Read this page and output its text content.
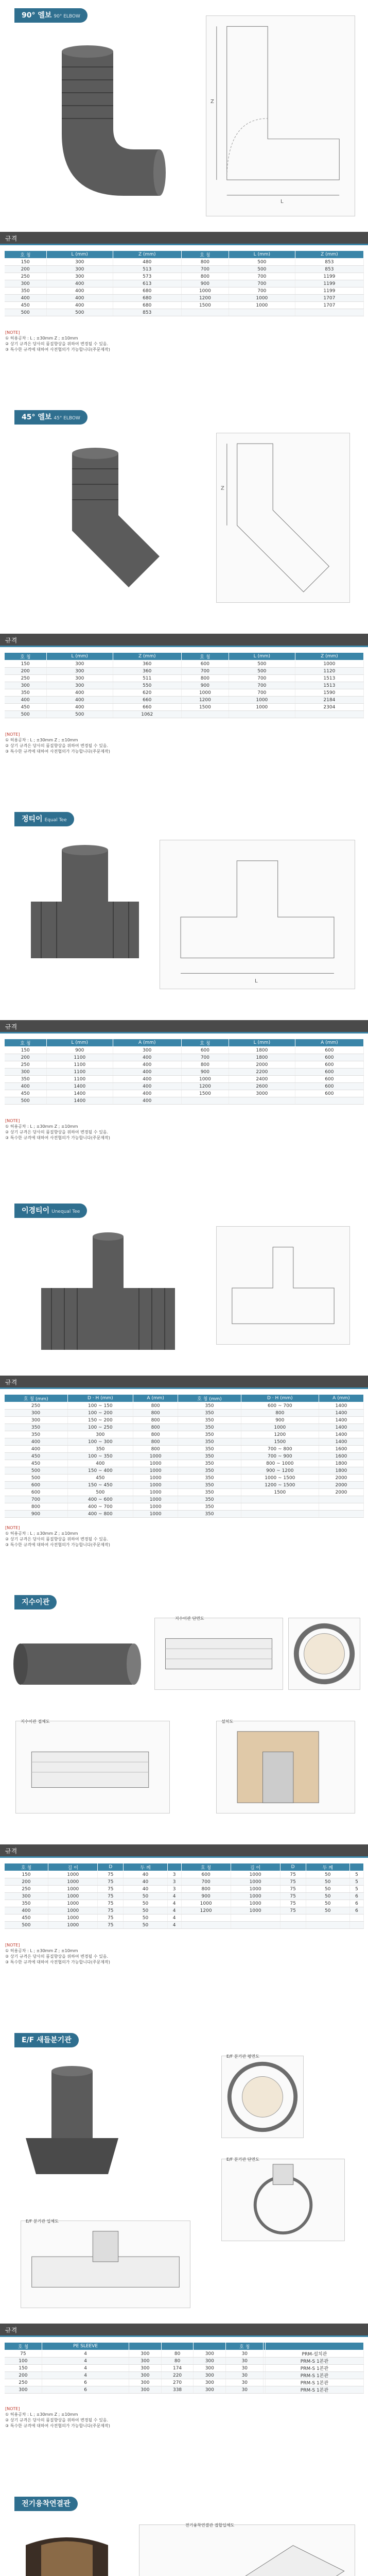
90° 엘보 90° ELBOW
Z
L
규격
호 칭	L (mm)	Z (mm)	호 칭	L (mm)	Z (mm)
150	300	480	800	500	853
200	300	513	700	500	853
250	300	573	800	700	1199
300	400	613	900	700	1199
350	400	680	1000	700	1199
400	400	680	1200	1000	1707
450	400	680	1500	1000	1707
500	500	853			
[NOTE]
① 허용공차 : L ; ±30mm Z ; ±10mm
② 상기 규격은 당사의 품질향상을 위하여 변경될 수 있음.
③ 특수한 규격에 대하여 사전협의가 가능합니다(주문제작)
45° 엘보 45° ELBOW
Z
규격
호 칭	L (mm)	Z (mm)	호 칭	L (mm)	Z (mm)
150	300	360	600	500	1000
200	300	360	700	500	1120
250	300	511	800	700	1513
300	300	550	900	700	1513
350	400	620	1000	700	1590
400	400	660	1200	1000	2184
450	400	660	1500	1000	2304
500	500	1062			
[NOTE]
① 허용공차 : L ; ±30mm Z ; ±10mm
② 상기 규격은 당사의 품질향상을 위하여 변경될 수 있음.
③ 특수한 규격에 대하여 사전협의가 가능합니다(주문제작)
정티이 Equal Tee
L
규격
호 칭	L (mm)	A (mm)	호 칭	L (mm)	A (mm)
150	900	300	600	1800	600
200	1100	400	700	1800	600
250	1100	400	800	2000	600
300	1100	400	900	2200	600
350	1100	400	1000	2400	600
400	1400	400	1200	2600	600
450	1400	400	1500	3000	600
500	1400	400			
[NOTE]
① 허용공차 : L ; ±30mm Z ; ±10mm
② 상기 규격은 당사의 품질향상을 위하여 변경될 수 있음.
③ 특수한 규격에 대하여 사전협의가 가능합니다(주문제작)
이경티이 Unequal Tee
규격
호 칭 (mm)	D · H (mm)	A (mm)	호 칭 (mm)	D · H (mm)	A (mm)
250	100 ~ 150	800	350	600 ~ 700	1400
300	100 ~ 200	800	350	800	1400
300	150 ~ 200	800	350	900	1400
350	100 ~ 250	800	350	1000	1400
350	300	800	350	1200	1400
400	100 ~ 300	800	350	1500	1400
400	350	800	350	700 ~ 800	1600
450	100 ~ 350	1000	350	700 ~ 900	1600
450	400	1000	350	800 ~ 1000	1800
500	150 ~ 400	1000	350	900 ~ 1200	1800
500	450	1000	350	1000 ~ 1500	2000
600	150 ~ 450	1000	350	1200 ~ 1500	2000
600	500	1000	350	1500	2000
700	400 ~ 600	1000	350		
800	400 ~ 700	1000	350		
900	400 ~ 800	1000	350		
[NOTE]
① 허용공차 : L ; ±30mm Z ; ±10mm
② 상기 규격은 당사의 품질향상을 위하여 변경될 수 있음.
③ 특수한 규격에 대하여 사전협의가 가능합니다(주문제작)
지수이관
지수이관 단면도
지수이관 접체도	설치도
규격
호 칭	길 이	D	두 께		호 칭	길 이	D	두 께	
150	1000	75	40	3	600	1000	75	50	5
200	1000	75	40	3	700	1000	75	50	5
250	1000	75	40	3	800	1000	75	50	5
300	1000	75	50	4	900	1000	75	50	6
350	1000	75	50	4	1000	1000	75	50	6
400	1000	75	50	4	1200	1000	75	50	6
450	1000	75	50	4					
500	1000	75	50	4					
[NOTE]
① 허용공차 : L ; ±30mm Z ; ±10mm
② 상기 규격은 당사의 품질향상을 위하여 변경될 수 있음.
③ 특수한 규격에 대하여 사전협의가 가능합니다(주문제작)
E/F 새들분기관
E/F 분기관 평면도
E/F 분기관 단면도
E/F 분기관 입체도
규격
호 칭	PE SLEEVE				호 칭		
75	4	300	80	300	30		PRM-설치관
100	4	300	80	300	30		PRM-S 1본관
150	4	300	174	300	30		PRM-S 1본관
200	4	300	220	300	30		PRM-S 1본관
250	6	300	270	300	30		PRM-S 1본관
300	6	300	338	300	30		PRM-S 1본관
[NOTE]
① 허용공차 : L ; ±30mm Z ; ±10mm
② 상기 규격은 당사의 품질향상을 위하여 변경될 수 있음.
③ 특수한 규격에 대하여 사전협의가 가능합니다(주문제작)
전기융착연결관
전기융착연결관 접합입체도
